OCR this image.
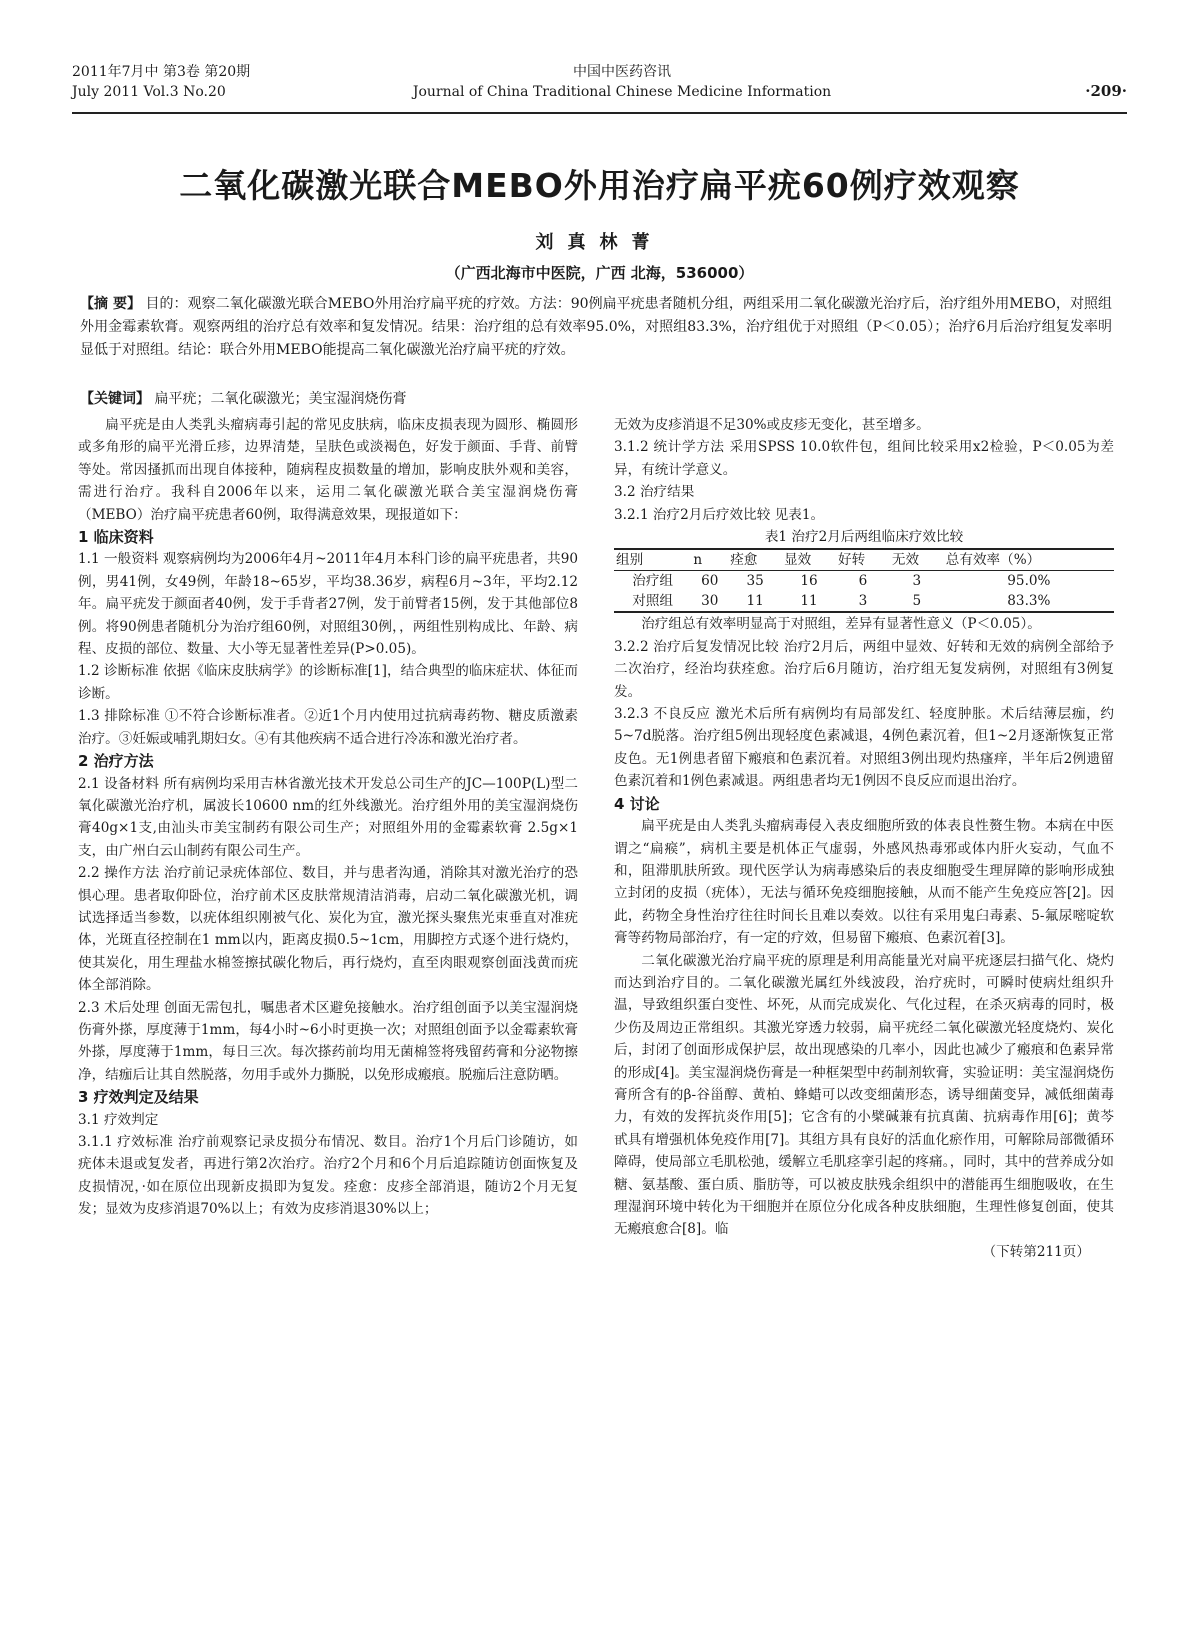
2011年7月中 第3卷 第20期
July 2011 Vol.3 No.20
中国中医药咨讯
Journal of China Traditional Chinese Medicine Information	·209·
二氧化碳激光联合MEBO外用治疗扁平疣60例疗效观察
刘真林菁
（广西北海市中医院，广西 北海，536000）
【摘 要】 目的：观察二氧化碳激光联合MEBO外用治疗扁平疣的疗效。方法：90例扁平疣患者随机分组，两组采用二氧化碳激光治疗后，治疗组外用MEBO，对照组外用金霉素软膏。观察两组的治疗总有效率和复发情况。结果：治疗组的总有效率95.0%，对照组83.3%，治疗组优于对照组（P＜0.05）；治疗6月后治疗组复发率明显低于对照组。结论：联合外用MEBO能提高二氧化碳激光治疗扁平疣的疗效。
【关键词】 扁平疣；二氧化碳激光；美宝湿润烧伤膏

扁平疣是由人类乳头瘤病毒引起的常见皮肤病，临床皮损表现为圆形、椭圆形或多角形的扁平光滑丘疹，边界清楚，呈肤色或淡褐色，好发于颜面、手背、前臂等处。常因搔抓而出现自体接种，随病程皮损数量的增加，影响皮肤外观和美容，需进行治疗。我科自2006年以来，运用二氧化碳激光联合美宝湿润烧伤膏（MEBO）治疗扁平疣患者60例，取得满意效果，现报道如下：

1 临床资料

1.1 一般资料 观察病例均为2006年4月~2011年4月本科门诊的扁平疣患者，共90例，男41例，女49例，年龄18~65岁，平均38.36岁，病程6月~3年，平均2.12年。扁平疣发于颜面者40例，发于手背者27例，发于前臂者15例，发于其他部位8例。将90例患者随机分为治疗组60例，对照组30例，，两组性别构成比、年龄、病程、皮损的部位、数量、大小等无显著性差异(P>0.05)。

1.2 诊断标准 依据《临床皮肤病学》的诊断标准[1]，结合典型的临床症状、体征而诊断。

1.3 排除标准 ①不符合诊断标准者。②近1个月内使用过抗病毒药物、糖皮质激素治疗。③妊娠或哺乳期妇女。④有其他疾病不适合进行冷冻和激光治疗者。

2 治疗方法

2.1 设备材料 所有病例均采用吉林省激光技术开发总公司生产的JC—100P(L)型二氧化碳激光治疗机，属波长10600 nm的红外线激光。治疗组外用的美宝湿润烧伤膏40g×1支,由汕头市美宝制药有限公司生产；对照组外用的金霉素软膏 2.5g×1支，由广州白云山制药有限公司生产。

2.2 操作方法 治疗前记录疣体部位、数目，并与患者沟通，消除其对激光治疗的恐惧心理。患者取仰卧位，治疗前术区皮肤常规清洁消毒，启动二氧化碳激光机，调试选择适当参数，以疣体组织刚被气化、炭化为宜，激光探头聚焦光束垂直对准疣体，光斑直径控制在1 mm以内，距离皮损0.5~1cm，用脚控方式逐个进行烧灼，使其炭化，用生理盐水棉签擦拭碳化物后，再行烧灼，直至肉眼观察创面浅黄而疣体全部消除。

2.3 术后处理 创面无需包扎，嘱患者术区避免接触水。治疗组创面予以美宝湿润烧伤膏外搽，厚度薄于1mm，每4小时~6小时更换一次；对照组创面予以金霉素软膏外搽，厚度薄于1mm，每日三次。每次搽药前均用无菌棉签将残留药膏和分泌物擦净，结痂后让其自然脱落，勿用手或外力撕脱，以免形成瘢痕。脱痂后注意防晒。

3 疗效判定及结果

3.1 疗效判定

3.1.1 疗效标准 治疗前观察记录皮损分布情况、数目。治疗1个月后门诊随访，如疣体未退或复发者，再进行第2次治疗。治疗2个月和6个月后追踪随访创面恢复及皮损情况，·如在原位出现新皮损即为复发。痊愈：皮疹全部消退，随访2个月无复发；显效为皮疹消退70%以上；有效为皮疹消退30%以上；

无效为皮疹消退不足30%或皮疹无变化，甚至增多。

3.1.2 统计学方法 采用SPSS 10.0软件包，组间比较采用x2检验，P＜0.05为差异，有统计学意义。

3.2 治疗结果

3.2.1 治疗2月后疗效比较 见表1。

表1 治疗2月后两组临床疗效比较

组别	n	痊愈	显效	好转	无效	总有效率（%）
治疗组	60	35	16	6	3	95.0%
对照组	30	11	11	3	5	83.3%

治疗组总有效率明显高于对照组，差异有显著性意义（P＜0.05）。

3.2.2 治疗后复发情况比较 治疗2月后，两组中显效、好转和无效的病例全部给予二次治疗，经治均获痊愈。治疗后6月随访，治疗组无复发病例，对照组有3例复发。

3.2.3 不良反应 激光术后所有病例均有局部发红、轻度肿胀。术后结薄层痂，约5~7d脱落。治疗组5例出现轻度色素减退，4例色素沉着，但1~2月逐渐恢复正常皮色。无1例患者留下瘢痕和色素沉着。对照组3例出现灼热瘙痒，半年后2例遗留色素沉着和1例色素减退。两组患者均无1例因不良反应而退出治疗。

4 讨论

扁平疣是由人类乳头瘤病毒侵入表皮细胞所致的体表良性赘生物。本病在中医谓之“扁瘊”，病机主要是机体正气虚弱，外感风热毒邪或体内肝火妄动，气血不和，阻滞肌肤所致。现代医学认为病毒感染后的表皮细胞受生理屏障的影响形成独立封闭的皮损（疣体），无法与循环免疫细胞接触，从而不能产生免疫应答[2]。因此，药物全身性治疗往往时间长且难以奏效。以往有采用鬼臼毒素、5-氟尿嘧啶软膏等药物局部治疗，有一定的疗效，但易留下瘢痕、色素沉着[3]。

二氧化碳激光治疗扁平疣的原理是利用高能量光对扁平疣逐层扫描气化、烧灼而达到治疗目的。二氧化碳激光属红外线波段，治疗疣时，可瞬时使病灶组织升温，导致组织蛋白变性、坏死，从而完成炭化、气化过程，在杀灭病毒的同时，极少伤及周边正常组织。其激光穿透力较弱，扁平疣经二氧化碳激光轻度烧灼、炭化后，封闭了创面形成保护层，故出现感染的几率小，因此也减少了瘢痕和色素异常的形成[4]。美宝湿润烧伤膏是一种框架型中药制剂软膏，实验证明：美宝湿润烧伤膏所含有的β-谷甾醇、黄柏、蜂蜡可以改变细菌形态，诱导细菌变异，减低细菌毒力，有效的发挥抗炎作用[5]；它含有的小檗碱兼有抗真菌、抗病毒作用[6]；黄芩甙具有增强机体免疫作用[7]。其组方具有良好的活血化瘀作用，可解除局部微循环障碍，使局部立毛肌松弛，缓解立毛肌痉挛引起的疼痛。，同时，其中的营养成分如糖、氨基酸、蛋白质、脂肪等，可以被皮肤残余组织中的潜能再生细胞吸收，在生理湿润环境中转化为干细胞并在原位分化成各种皮肤细胞，生理性修复创面，使其无瘢痕愈合[8]。临

（下转第211页）
